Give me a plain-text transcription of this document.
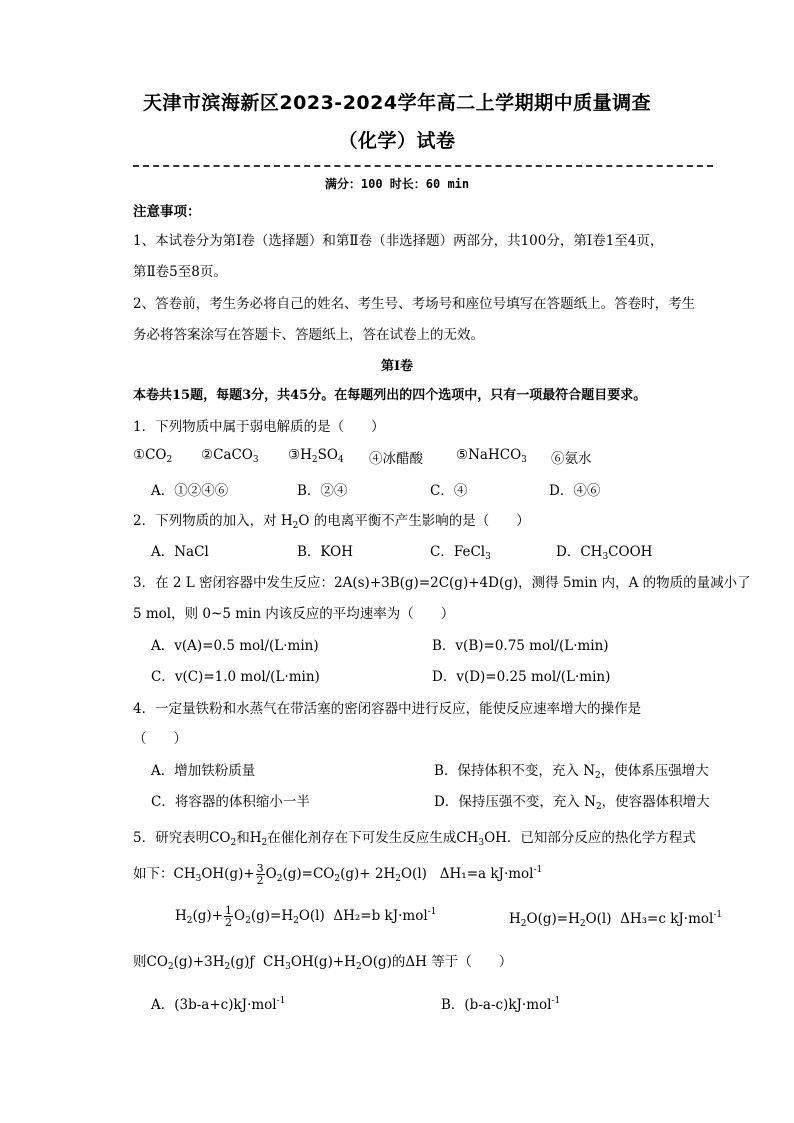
天津市滨海新区2023-2024学年高二上学期期中质量调查
（化学）试卷
满分：100 时长：60 min
注意事项：
1、本试卷分为第Ⅰ卷（选择题）和第Ⅱ卷（非选择题）两部分，共100分，第Ⅰ卷1至4页，
第Ⅱ卷5至8页。
2、答卷前，考生务必将自己的姓名、考生号、考场号和座位号填写在答题纸上。答卷时，考生
务必将答案涂写在答题卡、答题纸上，答在试卷上的无效。
第Ⅰ卷
本卷共15题，每题3分，共45分。在每题列出的四个选项中，只有一项最符合题目要求。
1．下列物质中属于弱电解质的是（　　）
$①CO_2$ ②CaCO$_3$ $③H_2SO_4$ ④冰醋酸 ⑤NaHCO$_3$ ⑥氨水
A．①②④⑥	B．②④	C．④	D．④⑥
2．下列物质的加入，对 $H_2O$ 的电离平衡不产生影响的是（　　）
A．NaCl	B．KOH	C．FeCl$_3$	D．$CH_3COOH$
3．在 2 L 密闭容器中发生反应：2A(s)+3B(g)=2C(g)+4D(g)，测得 5min 内，A 的物质的量减小了
5 mol，则 0~5 min 内该反应的平均速率为（　　）
A．v(A)=0.5 mol/(L·min)	B．v(B)=0.75 mol/(L·min)
C．v(C)=1.0 mol/(L·min)	D．v(D)=0.25 mol/(L·min)
4．一定量铁粉和水蒸气在带活塞的密闭容器中进行反应，能使反应速率增大的操作是
（　　）
A．增加铁粉质量	B．保持体积不变，充入 $N_2$，使体系压强增大
C．将容器的体积缩小一半	D．保持压强不变，充入 $N_2$，使容器体积增大
5．研究表明$CO_2$和$H_2$在催化剂存在下可发生反应生成$CH_3OH$．已知部分反应的热化学方程式
如下：$CH_3OH(g)+ \frac{3}{2} O_2(g)=CO_2(g)+ 2H_2O(l)$   ΔH₁=a kJ·mol$^{-1}$
$H_2(g)+ \frac{1}{2} O_2(g)=H_2O(l)$  ΔH₂=b kJ·mol$^{-1}$	$H_2O(g)=H_2O(l)$  ΔH₃=c kJ·mol$^{-1}$
则$CO_2(g)+3H_2(g)ƒ$  $CH_3OH(g)+H_2O(g)$的ΔH 等于（　　）
A．(3b-a+c)kJ·mol$^{-1}$	B．(b-a-c)kJ·mol$^{-1}$
